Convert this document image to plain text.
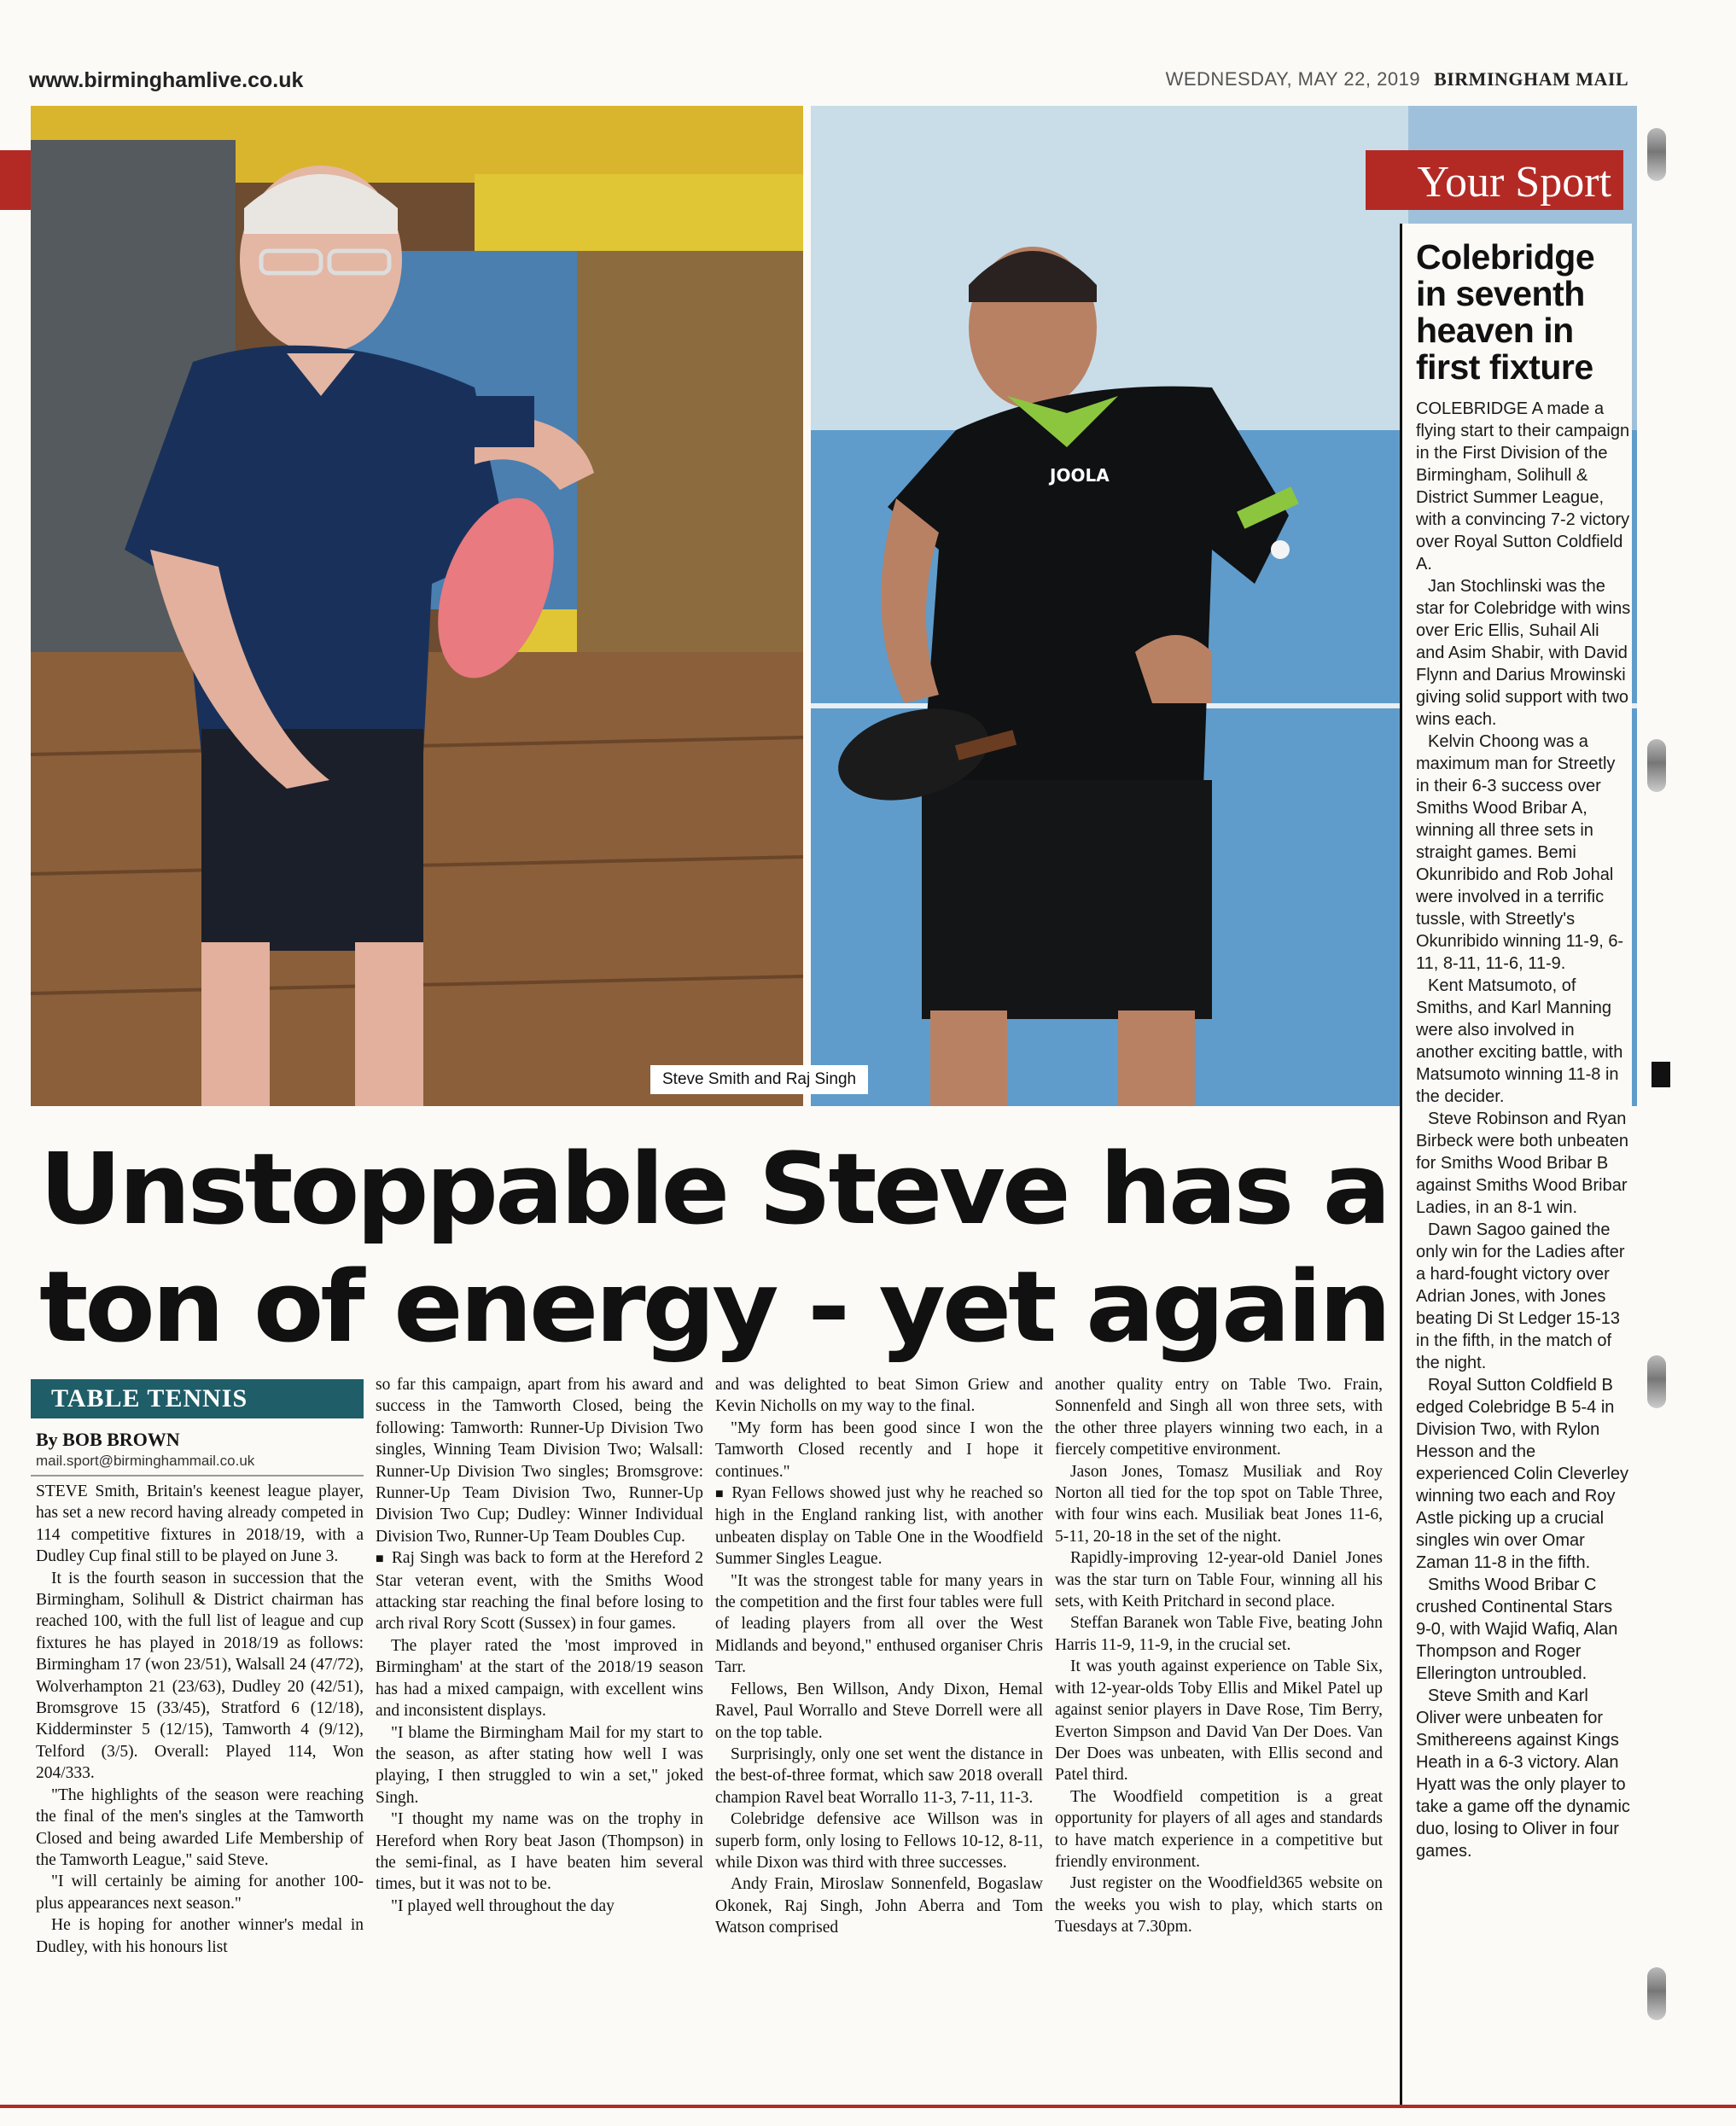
www.birminghamlive.co.uk	WEDNESDAY, MAY 22, 2019 BIRMINGHAM MAIL
JOOLA
Steve Smith and Raj Singh
Your Sport
Unstoppable Steve has a
ton of energy - yet again
TABLE TENNIS
By BOB BROWN
mail.sport@birminghammail.co.uk

STEVE Smith, Britain's keenest league player, has set a new record having already competed in 114 competitive fixtures in 2018/19, with a Dudley Cup final still to be played on June 3.

It is the fourth season in succession that the Birmingham, Solihull & District chairman has reached 100, with the full list of league and cup fixtures he has played in 2018/19 as follows: Birmingham 17 (won 23/51), Walsall 24 (47/72), Wolverhampton 21 (23/63), Dudley 20 (42/51), Bromsgrove 15 (33/45), Stratford 6 (12/18), Kidderminster 5 (12/15), Tamworth 4 (9/12), Telford (3/5). Overall: Played 114, Won 204/333.

"The highlights of the season were reaching the final of the men's singles at the Tamworth Closed and being awarded Life Membership of the Tamworth League," said Steve.

"I will certainly be aiming for another 100-plus appearances next season."

He is hoping for another winner's medal in Dudley, with his honours list

so far this campaign, apart from his award and success in the Tamworth Closed, being the following: Tamworth: Runner-Up Division Two singles, Winning Team Division Two; Walsall: Runner-Up Division Two singles; Bromsgrove: Runner-Up Team Division Two, Runner-Up Division Two Cup; Dudley: Winner Individual Division Two, Runner-Up Team Doubles Cup.

■ Raj Singh was back to form at the Hereford 2 Star veteran event, with the Smiths Wood attacking star reaching the final before losing to arch rival Rory Scott (Sussex) in four games.

The player rated the 'most improved in Birmingham' at the start of the 2018/19 season has had a mixed campaign, with excellent wins and inconsistent displays.

"I blame the Birmingham Mail for my start to the season, as after stating how well I was playing, I then struggled to win a set," joked Singh.

"I thought my name was on the trophy in Hereford when Rory beat Jason (Thompson) in the semi-final, as I have beaten him several times, but it was not to be.

"I played well throughout the day

and was delighted to beat Simon Griew and Kevin Nicholls on my way to the final.

"My form has been good since I won the Tamworth Closed recently and I hope it continues."

■ Ryan Fellows showed just why he reached so high in the England ranking list, with another unbeaten display on Table One in the Woodfield Summer Singles League.

"It was the strongest table for many years in the competition and the first four tables were full of leading players from all over the West Midlands and beyond," enthused organiser Chris Tarr.

Fellows, Ben Willson, Andy Dixon, Hemal Ravel, Paul Worrallo and Steve Dorrell were all on the top table.

Surprisingly, only one set went the distance in the best-of-three format, which saw 2018 overall champion Ravel beat Worrallo 11-3, 7-11, 11-3.

Colebridge defensive ace Willson was in superb form, only losing to Fellows 10-12, 8-11, while Dixon was third with three successes.

Andy Frain, Miroslaw Sonnenfeld, Bogaslaw Okonek, Raj Singh, John Aberra and Tom Watson comprised

another quality entry on Table Two. Frain, Sonnenfeld and Singh all won three sets, with the other three players winning two each, in a fiercely competitive environment.

Jason Jones, Tomasz Musiliak and Roy Norton all tied for the top spot on Table Three, with four wins each. Musiliak beat Jones 11-6, 5-11, 20-18 in the set of the night.

Rapidly-improving 12-year-old Daniel Jones was the star turn on Table Four, winning all his sets, with Keith Pritchard in second place.

Steffan Baranek won Table Five, beating John Harris 11-9, 11-9, in the crucial set.

It was youth against experience on Table Six, with 12-year-olds Toby Ellis and Mikel Patel up against senior players in Dave Rose, Tim Berry, Everton Simpson and David Van Der Does. Van Der Does was unbeaten, with Ellis second and Patel third.

The Woodfield competition is a great opportunity for players of all ages and standards to have match experience in a competitive but friendly environment.

Just register on the Woodfield365 website on the weeks you wish to play, which starts on Tuesdays at 7.30pm.

Colebridge in seventh heaven in first fixture

COLEBRIDGE A made a flying start to their campaign in the First Division of the Birmingham, Solihull & District Summer League, with a convincing 7-2 victory over Royal Sutton Coldfield A.

Jan Stochlinski was the star for Colebridge with wins over Eric Ellis, Suhail Ali and Asim Shabir, with David Flynn and Darius Mrowinski giving solid support with two wins each.

Kelvin Choong was a maximum man for Streetly in their 6-3 success over Smiths Wood Bribar A, winning all three sets in straight games. Bemi Okunribido and Rob Johal were involved in a terrific tussle, with Streetly's Okunribido winning 11-9, 6-11, 8-11, 11-6, 11-9.

Kent Matsumoto, of Smiths, and Karl Manning were also involved in another exciting battle, with Matsumoto winning 11-8 in the decider.

Steve Robinson and Ryan Birbeck were both unbeaten for Smiths Wood Bribar B against Smiths Wood Bribar Ladies, in an 8-1 win.

Dawn Sagoo gained the only win for the Ladies after a hard-fought victory over Adrian Jones, with Jones beating Di St Ledger 15-13 in the fifth, in the match of the night.

Royal Sutton Coldfield B edged Colebridge B 5-4 in Division Two, with Rylon Hesson and the experienced Colin Cleverley winning two each and Roy Astle picking up a crucial singles win over Omar Zaman 11-8 in the fifth.

Smiths Wood Bribar C crushed Continental Stars 9-0, with Wajid Wafiq, Alan Thompson and Roger Ellerington untroubled.

Steve Smith and Karl Oliver were unbeaten for Smithereens against Kings Heath in a 6-3 victory. Alan Hyatt was the only player to take a game off the dynamic duo, losing to Oliver in four games.
